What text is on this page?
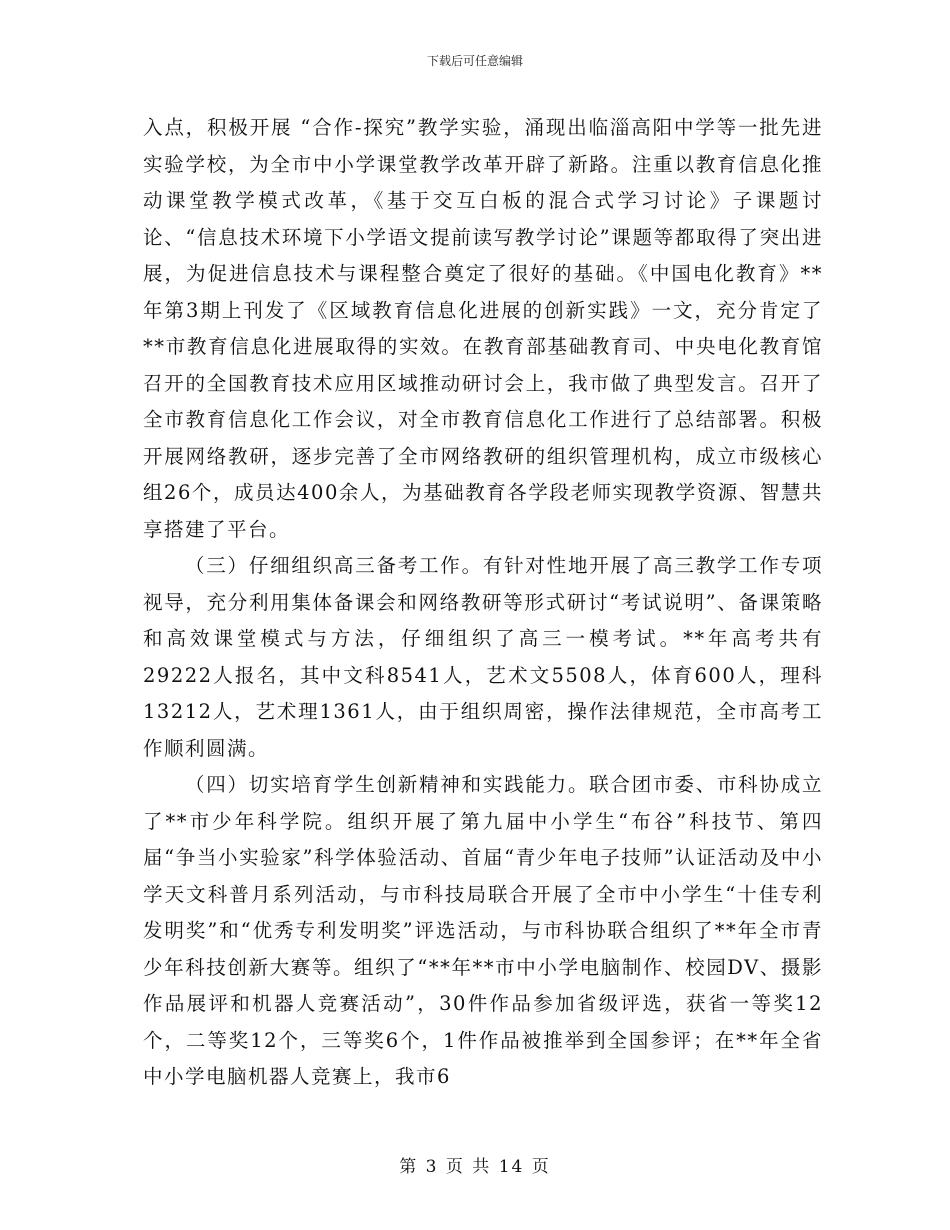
下载后可任意编辑

入点，积极开展 “合作-探究”教学实验，涌现出临淄高阳中学等一批先进实验学校，为全市中小学课堂教学改革开辟了新路。注重以教育信息化推动课堂教学模式改革，《基于交互白板的混合式学习讨论》子课题讨论、“信息技术环境下小学语文提前读写教学讨论”课题等都取得了突出进展，为促进信息技术与课程整合奠定了很好的基础。《中国电化教育》**年第3期上刊发了《区域教育信息化进展的创新实践》一文，充分肯定了**市教育信息化进展取得的实效。在教育部基础教育司、中央电化教育馆召开的全国教育技术应用区域推动研讨会上，我市做了典型发言。召开了全市教育信息化工作会议，对全市教育信息化工作进行了总结部署。积极开展网络教研，逐步完善了全市网络教研的组织管理机构，成立市级核心组26个，成员达400余人，为基础教育各学段老师实现教学资源、智慧共享搭建了平台。

（三）仔细组织高三备考工作。有针对性地开展了高三教学工作专项视导，充分利用集体备课会和网络教研等形式研讨“考试说明”、备课策略和高效课堂模式与方法，仔细组织了高三一模考试。**年高考共有29222人报名，其中文科8541人，艺术文5508人，体育600人，理科13212人，艺术理1361人，由于组织周密，操作法律规范，全市高考工作顺利圆满。

（四）切实培育学生创新精神和实践能力。联合团市委、市科协成立了**市少年科学院。组织开展了第九届中小学生“布谷”科技节、第四届“争当小实验家”科学体验活动、首届“青少年电子技师”认证活动及中小学天文科普月系列活动，与市科技局联合开展了全市中小学生“十佳专利发明奖”和“优秀专利发明奖”评选活动，与市科协联合组织了**年全市青少年科技创新大赛等。组织了“**年**市中小学电脑制作、校园DV、摄影作品展评和机器人竞赛活动”，30件作品参加省级评选，获省一等奖12个，二等奖12个，三等奖6个，1件作品被推举到全国参评；在**年全省中小学电脑机器人竞赛上，我市6

第 3 页 共 14 页
